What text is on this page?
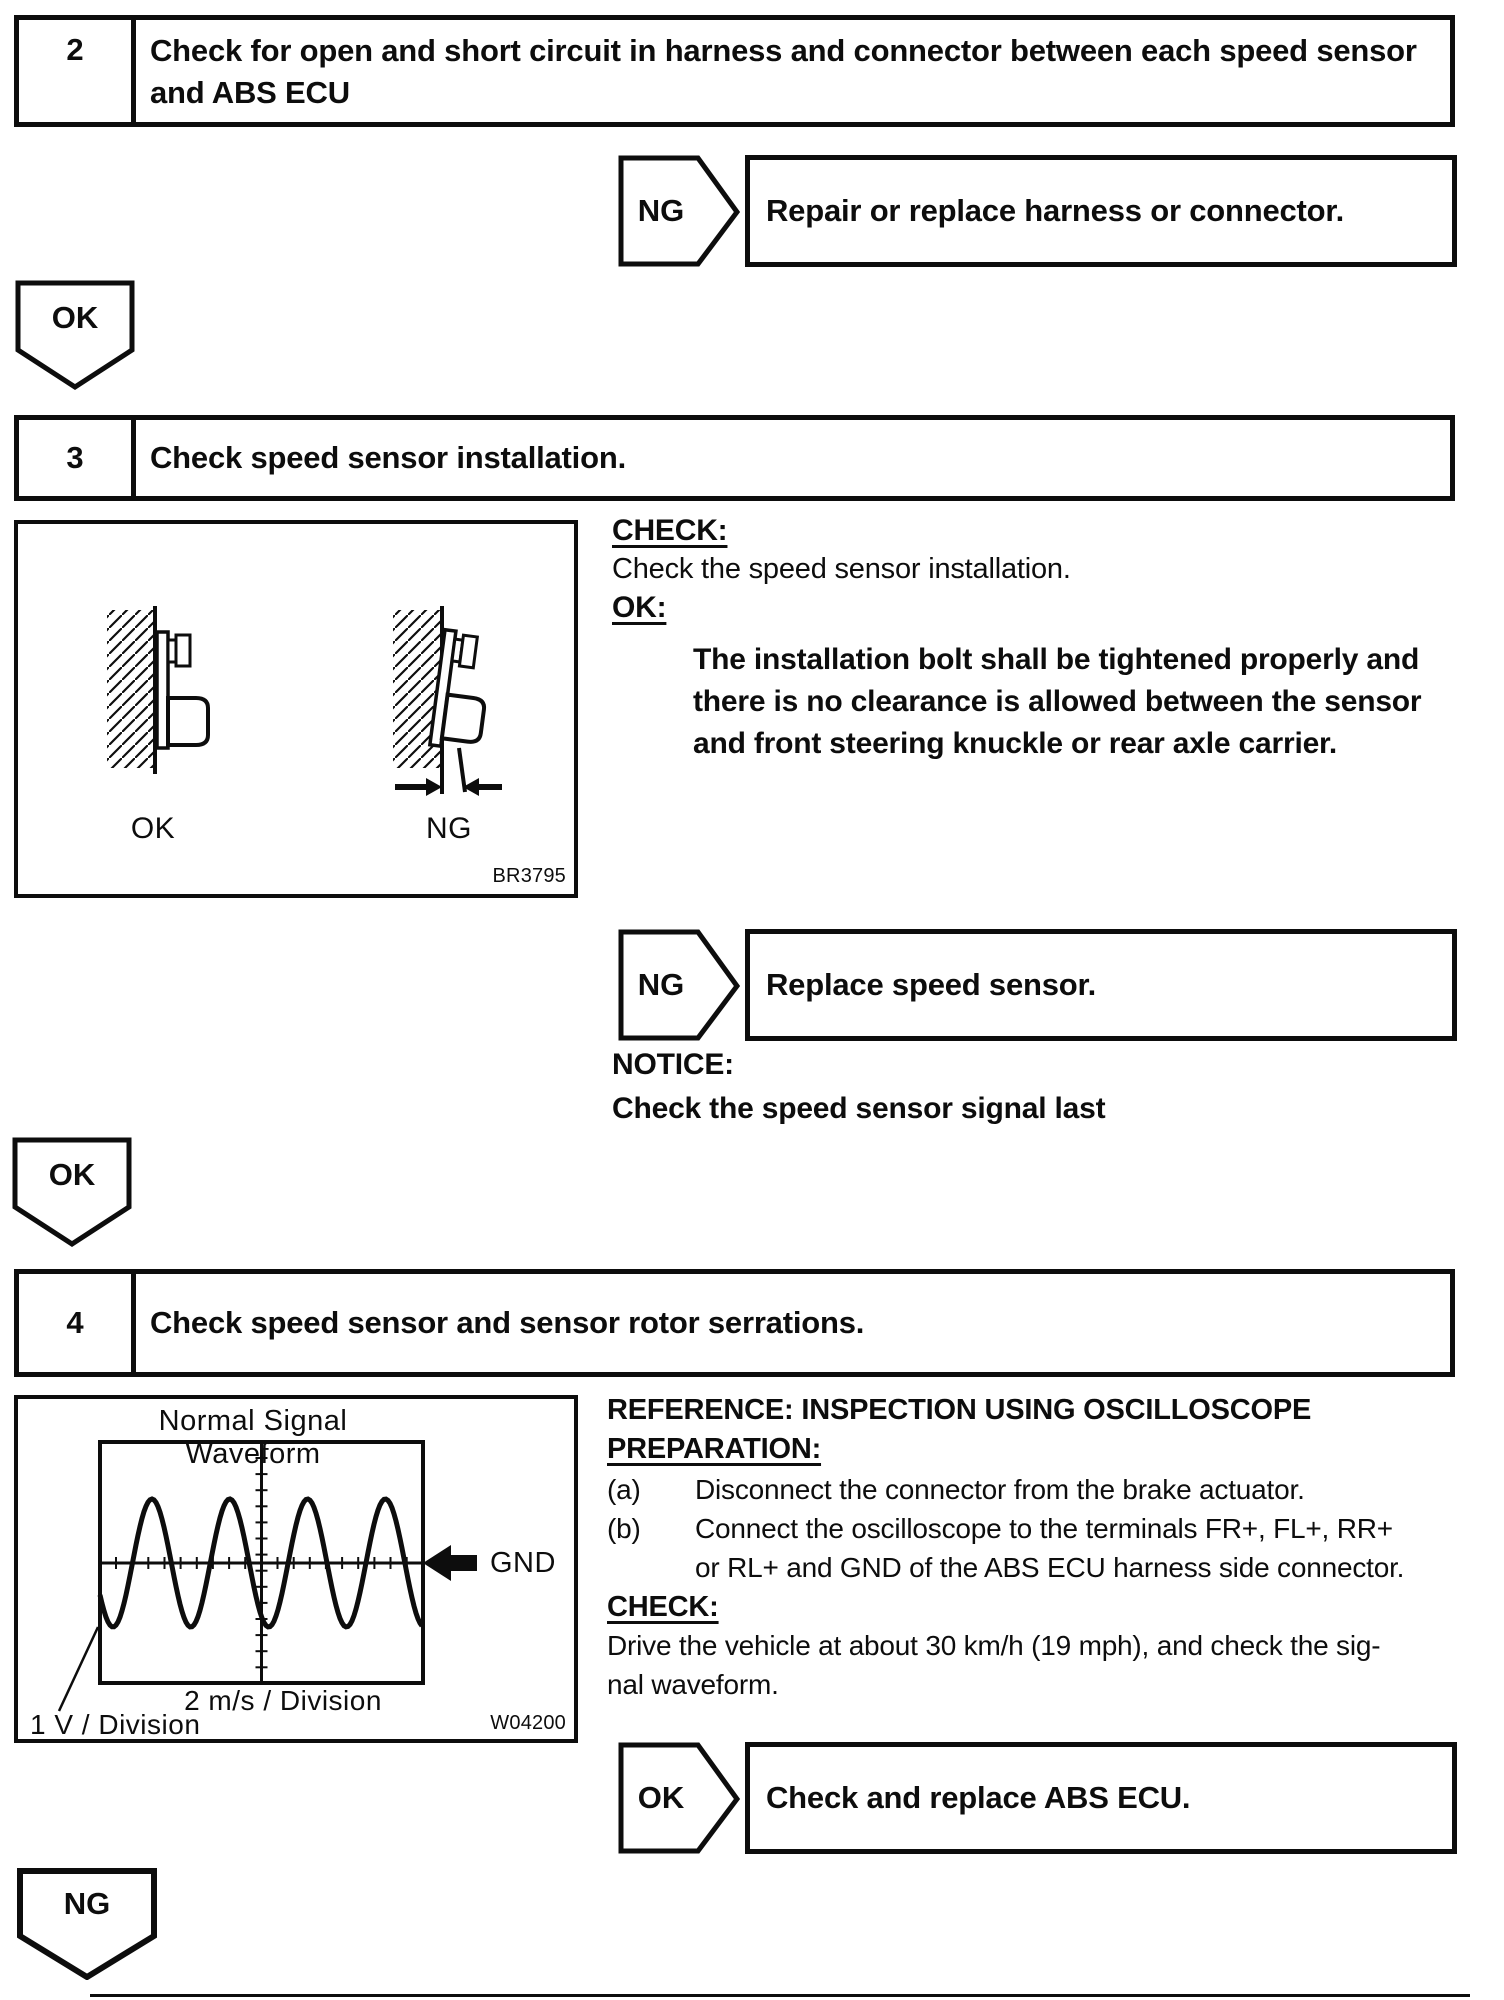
2	Check for open and short circuit in harness and connector between each speed sensor and ABS ECU
NG	Repair or replace harness or connector.
OK
3	Check speed sensor installation.
OK	NG
BR3795
CHECK:
Check the speed sensor installation.
OK:
The installation bolt shall be tightened properly and
there is no clearance is allowed between the sensor
and front steering knuckle or rear axle carrier.
NG	Replace speed sensor.
NOTICE:
Check the speed sensor signal last
OK
4	Check speed sensor and sensor rotor serrations.
Normal Signal Waveform
GND
2 m/s / Division
1 V / Division	W04200
REFERENCE: INSPECTION USING OSCILLOSCOPE
PREPARATION:
(a) Disconnect the connector from the brake actuator.
(b) Connect the oscilloscope to the terminals FR+, FL+, RR+
or RL+ and GND of the ABS ECU harness side connector.
CHECK:
Drive the vehicle at about 30 km/h (19 mph), and check the sig-
nal waveform.
OK	Check and replace ABS ECU.
NG
